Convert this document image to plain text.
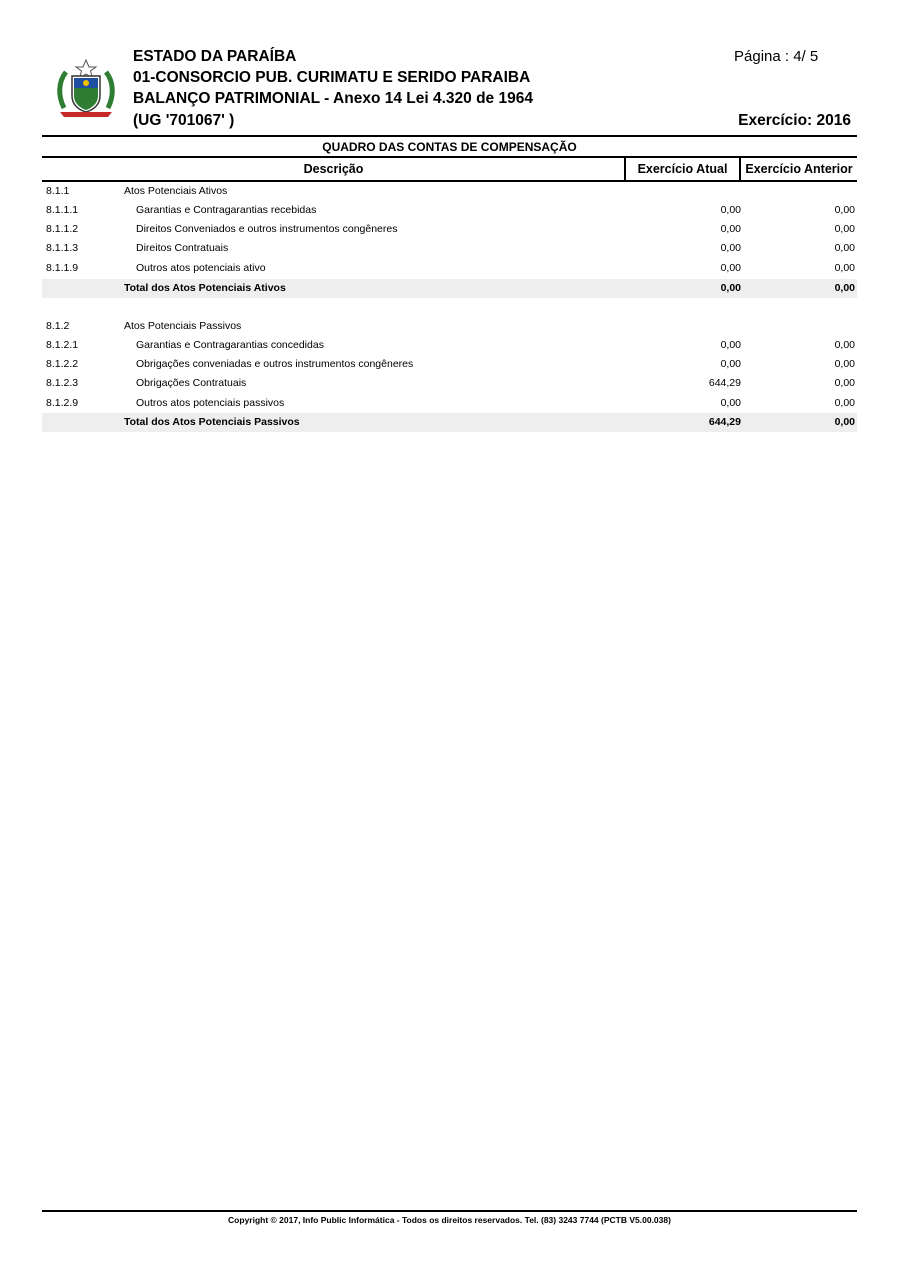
ESTADO DA PARAÍBA
01-CONSORCIO PUB. CURIMATU E SERIDO PARAIBA
BALANÇO PATRIMONIAL - Anexo 14 Lei 4.320 de 1964
(UG '701067' )
Página : 4/ 5
Exercício: 2016
QUADRO DAS CONTAS DE COMPENSAÇÃO
Descrição	Exercício Atual	Exercício Anterior
8.1.1	Atos Potenciais Ativos
8.1.1.1	Garantias e Contragarantias recebidas	0,00	0,00
8.1.1.2	Direitos Conveniados e outros instrumentos congêneres	0,00	0,00
8.1.1.3	Direitos Contratuais	0,00	0,00
8.1.1.9	Outros atos potenciais ativo	0,00	0,00
Total dos Atos Potenciais Ativos	0,00	0,00
8.1.2	Atos Potenciais Passivos
8.1.2.1	Garantias e Contragarantias concedidas	0,00	0,00
8.1.2.2	Obrigações conveniadas e outros instrumentos congêneres	0,00	0,00
8.1.2.3	Obrigações Contratuais	644,29	0,00
8.1.2.9	Outros atos potenciais passivos	0,00	0,00
Total dos Atos Potenciais Passivos	644,29	0,00
Copyright © 2017, Info Public Informática - Todos os direitos reservados. Tel. (83) 3243 7744 (PCTB V5.00.038)
